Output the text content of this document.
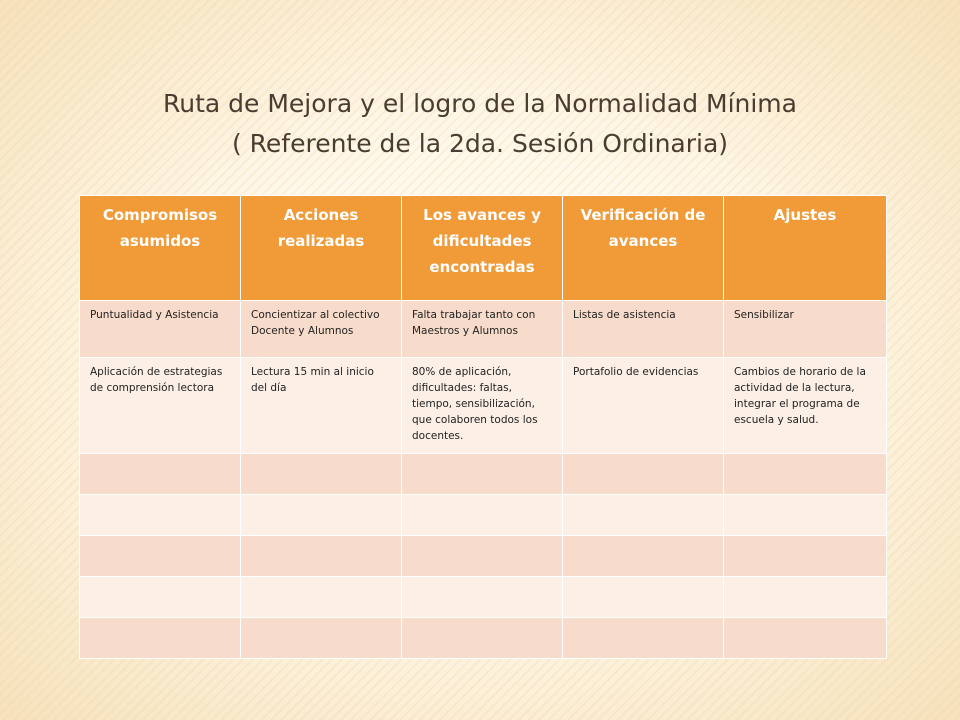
Ruta de Mejora y el logro de la Normalidad Mínima
( Referente de la 2da. Sesión Ordinaria)
Compromisos asumidos	Acciones realizadas	Los avances y dificultades encontradas	Verificación de avances	Ajustes
Puntualidad y Asistencia	Concientizar al colectivo Docente y Alumnos	Falta trabajar tanto con Maestros y Alumnos	Listas de asistencia	Sensibilizar
Aplicación de estrategias de comprensión lectora	Lectura 15 min al inicio del día	80% de aplicación, dificultades: faltas, tiempo, sensibilización, que colaboren todos los docentes.	Portafolio de evidencias	Cambios de horario de la actividad de la lectura, integrar el programa de escuela y salud.
